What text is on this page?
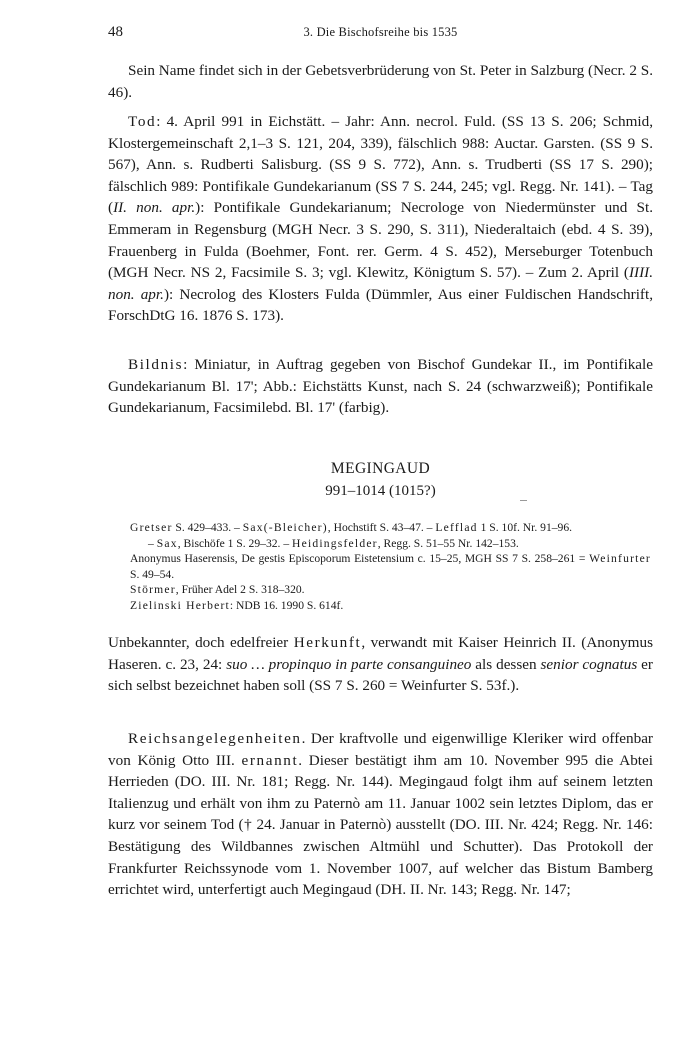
48	3. Die Bischofsreihe bis 1535

Sein Name findet sich in der Gebetsverbrüderung von St. Peter in Salzburg (Necr. 2 S. 46).

Tod: 4. April 991 in Eichstätt. – Jahr: Ann. necrol. Fuld. (SS 13 S. 206; Schmid, Klostergemeinschaft 2,1–3 S. 121, 204, 339), fälschlich 988: Auctar. Garsten. (SS 9 S. 567), Ann. s. Rudberti Salisburg. (SS 9 S. 772), Ann. s. Trudberti (SS 17 S. 290); fälschlich 989: Pontifikale Gundekarianum (SS 7 S. 244, 245; vgl. Regg. Nr. 141). – Tag (II. non. apr.): Pontifikale Gundekarianum; Necrologe von Niedermünster und St. Emmeram in Regensburg (MGH Necr. 3 S. 290, S. 311), Niederaltaich (ebd. 4 S. 39), Frauenberg in Fulda (Boehmer, Font. rer. Germ. 4 S. 452), Merseburger Totenbuch (MGH Necr. NS 2, Facsimile S. 3; vgl. Klewitz, Königtum S. 57). – Zum 2. April (IIII. non. apr.): Necrolog des Klosters Fulda (Dümmler, Aus einer Fuldischen Handschrift, ForschDtG 16. 1876 S. 173).

Bildnis: Miniatur, in Auftrag gegeben von Bischof Gundekar II., im Pontifikale Gundekarianum Bl. 17'; Abb.: Eichstätts Kunst, nach S. 24 (schwarzweiß); Pontifikale Gundekarianum, Facsimilebd. Bl. 17' (farbig).

MEGINGAUD
991–1014 (1015?)
Gretser S. 429–433. – Sax(-Bleicher), Hochstift S. 43–47. – Lefflad 1 S. 10f. Nr. 91–96.
– Sax, Bischöfe 1 S. 29–32. – Heidingsfelder, Regg. S. 51–55 Nr. 142–153.
Anonymus Haserensis, De gestis Episcoporum Eistetensium c. 15–25, MGH SS 7 S. 258–261 = Weinfurter S. 49–54.
Störmer, Früher Adel 2 S. 318–320.
Zielinski Herbert: NDB 16. 1990 S. 614f.

Unbekannter, doch edelfreier Herkunft, verwandt mit Kaiser Heinrich II. (Anonymus Haseren. c. 23, 24: suo … propinquo in parte consanguineo als dessen senior cognatus er sich selbst bezeichnet haben soll (SS 7 S. 260 = Weinfurter S. 53f.).

Reichsangelegenheiten. Der kraftvolle und eigenwillige Kleriker wird offenbar von König Otto III. ernannt. Dieser bestätigt ihm am 10. November 995 die Abtei Herrieden (DO. III. Nr. 181; Regg. Nr. 144). Megingaud folgt ihm auf seinem letzten Italienzug und erhält von ihm zu Paternò am 11. Januar 1002 sein letztes Diplom, das er kurz vor seinem Tod († 24. Januar in Paternò) ausstellt (DO. III. Nr. 424; Regg. Nr. 146: Bestätigung des Wildbannes zwischen Altmühl und Schutter). Das Protokoll der Frankfurter Reichssynode vom 1. November 1007, auf welcher das Bistum Bamberg errichtet wird, unterfertigt auch Megingaud (DH. II. Nr. 143; Regg. Nr. 147;
